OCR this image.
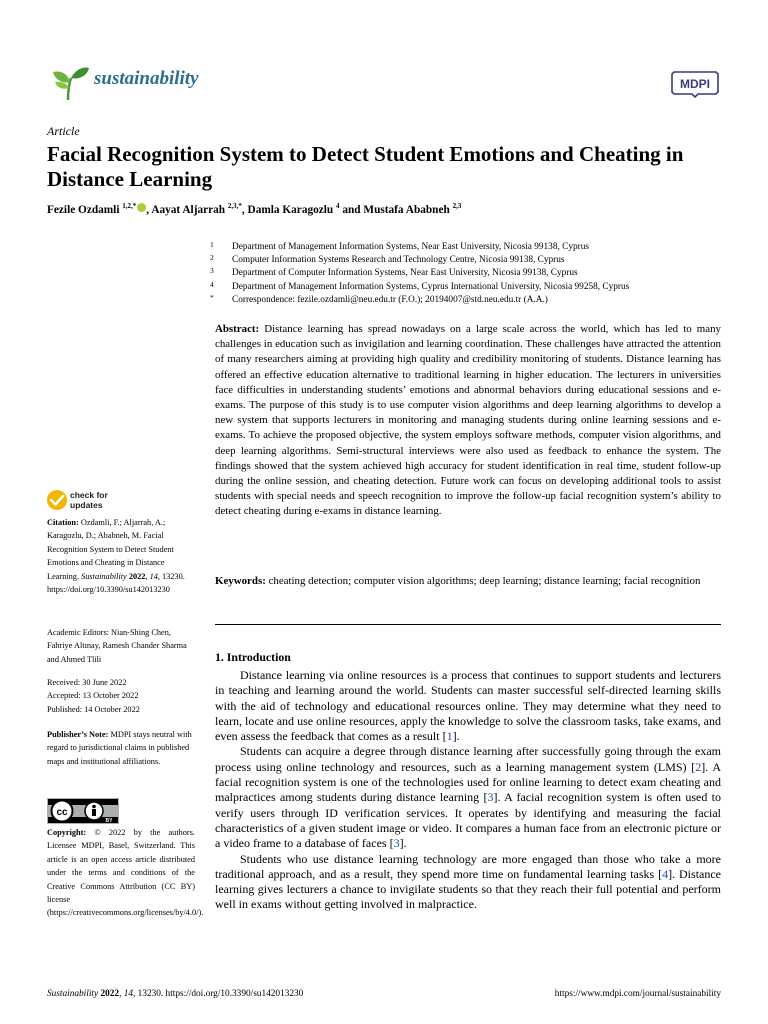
sustainability	MDPI
Article
Facial Recognition System to Detect Student Emotions and Cheating in Distance Learning
Fezile Ozdamli $^{1,2,*}$ , Aayat Aljarrah $^{2,3,*}$, Damla Karagozlu $^4$ and Mustafa Ababneh $^{2,3}$
1 Department of Management Information Systems, Near East University, Nicosia 99138, Cyprus
2 Computer Information Systems Research and Technology Centre, Nicosia 99138, Cyprus
3 Department of Computer Information Systems, Near East University, Nicosia 99138, Cyprus
4 Department of Management Information Systems, Cyprus International University, Nicosia 99258, Cyprus
* Correspondence: fezile.ozdamli@neu.edu.tr (F.O.); 20194007@std.neu.edu.tr (A.A.)
Abstract: Distance learning has spread nowadays on a large scale across the world, which has led to many challenges in education such as invigilation and learning coordination. These challenges have attracted the attention of many researchers aiming at providing high quality and credibility monitoring of students. Distance learning has offered an effective education alternative to traditional learning in higher education. The lecturers in universities face difficulties in understanding students’ emotions and abnormal behaviors during educational sessions and e-exams. The purpose of this study is to use computer vision algorithms and deep learning algorithms to develop a new system that supports lecturers in monitoring and managing students during online learning sessions and e-exams. To achieve the proposed objective, the system employs software methods, computer vision algorithms, and deep learning algorithms. Semi-structural interviews were also used as feedback to enhance the system. The findings showed that the system achieved high accuracy for student identification in real time, student follow-up during the online session, and cheating detection. Future work can focus on developing additional tools to assist students with special needs and speech recognition to improve the follow-up facial recognition system’s ability to detect cheating during e-exams in distance learning.
Keywords: cheating detection; computer vision algorithms; deep learning; distance learning; facial recognition
check for
updates
Citation: Ozdamli, F.; Aljarrah, A.; Karagozlu, D.; Ababneh, M. Facial Recognition System to Detect Student Emotions and Cheating in Distance Learning. Sustainability 2022, 14, 13230. https://doi.org/10.3390/su142013230
Academic Editors: Nian-Shing Chen, Fahriye Altınay, Ramesh Chander Sharma and Ahmed Tlili
Received: 30 June 2022
Accepted: 13 October 2022
Published: 14 October 2022
Publisher’s Note: MDPI stays neutral with regard to jurisdictional claims in published maps and institutional affiliations.
cc
BY
Copyright: © 2022 by the authors. Licensee MDPI, Basel, Switzerland. This article is an open access article distributed under the terms and conditions of the Creative Commons Attribution (CC BY) license (https://creativecommons.org/licenses/by/4.0/).
1. Introduction

Distance learning via online resources is a process that continues to support students and lecturers in teaching and learning around the world. Students can master successful self-directed learning skills with the aid of technology and educational resources online. They may determine what they need to learn, locate and use online resources, apply the knowledge to solve the classroom tasks, take exams, and even assess the feedback that comes as a result [1].

Students can acquire a degree through distance learning after successfully going through the exam process using online technology and resources, such as a learning management system (LMS) [2]. A facial recognition system is one of the technologies used for online learning to detect exam cheating and malpractices among students during distance learning [3]. A facial recognition system is often used to verify users through ID verification services. It operates by identifying and measuring the facial characteristics of a given student image or video. It compares a human face from an electronic picture or a video frame to a database of faces [3].

Students who use distance learning technology are more engaged than those who take a more traditional approach, and as a result, they spend more time on fundamental learning tasks [4]. Distance learning gives lecturers a chance to invigilate students so that they reach their full potential and perform well in exams without getting involved in malpractice.

Sustainability 2022, 14, 13230. https://doi.org/10.3390/su142013230	https://www.mdpi.com/journal/sustainability
